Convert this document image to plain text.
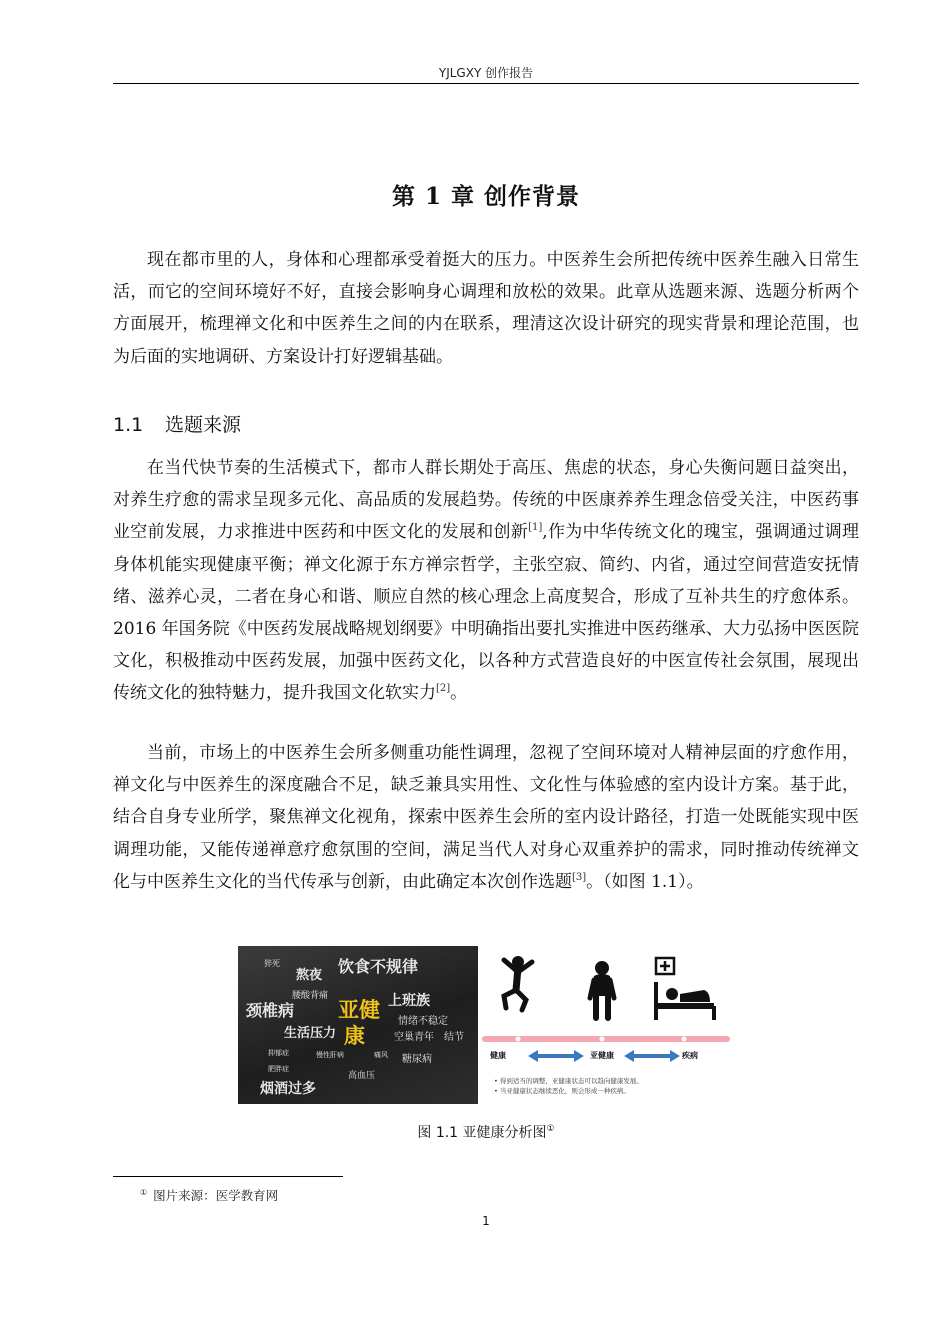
YJLGXY 创作报告
第 1 章 创作背景

现在都市里的人，身体和心理都承受着挺大的压力。中医养生会所把传统中医养生融入日常生活，而它的空间环境好不好，直接会影响身心调理和放松的效果。此章从选题来源、选题分析两个方面展开，梳理禅文化和中医养生之间的内在联系，理清这次设计研究的现实背景和理论范围，也为后面的实地调研、方案设计打好逻辑基础。

1.1 选题来源

在当代快节奏的生活模式下，都市人群长期处于高压、焦虑的状态，身心失衡问题日益突出，对养生疗愈的需求呈现多元化、高品质的发展趋势。传统的中医康养养生理念倍受关注，中医药事业空前发展，力求推进中医药和中医文化的发展和创新[1],作为中华传统文化的瑰宝，强调通过调理身体机能实现健康平衡；禅文化源于东方禅宗哲学，主张空寂、简约、内省，通过空间营造安抚情绪、滋养心灵，二者在身心和谐、顺应自然的核心理念上高度契合，形成了互补共生的疗愈体系。2016 年国务院《中医药发展战略规划纲要》中明确指出要扎实推进中医药继承、大力弘扬中医医院文化，积极推动中医药发展，加强中医药文化，以各种方式营造良好的中医宣传社会氛围，展现出传统文化的独特魅力，提升我国文化软实力[2]。

当前，市场上的中医养生会所多侧重功能性调理，忽视了空间环境对人精神层面的疗愈作用，禅文化与中医养生的深度融合不足，缺乏兼具实用性、文化性与体验感的室内设计方案。基于此，结合自身专业所学，聚焦禅文化视角，探索中医养生会所的室内设计路径，打造一处既能实现中医调理功能，又能传递禅意疗愈氛围的空间，满足当代人对身心双重养护的需求，同时推动传统禅文化与中医养生文化的当代传承与创新，由此确定本次创作选题[3]。（如图 1.1）。

猝死
熬夜 饮食不规律
腰酸背痛
颈椎病 亚健
康
上班族
情绪不稳定
生活压力	空巢青年 结节
抑郁症	慢性肝病	痛风 糖尿病
肥胖症
高血压
烟酒过多
健康	亚健康	疾病
• 得到适当的调整，亚健康状态可以趋向健康发展。
• 当亚健康状态继续恶化，则会形成一种疾病。
图 1.1 亚健康分析图①
① 图片来源：医学教育网
1
